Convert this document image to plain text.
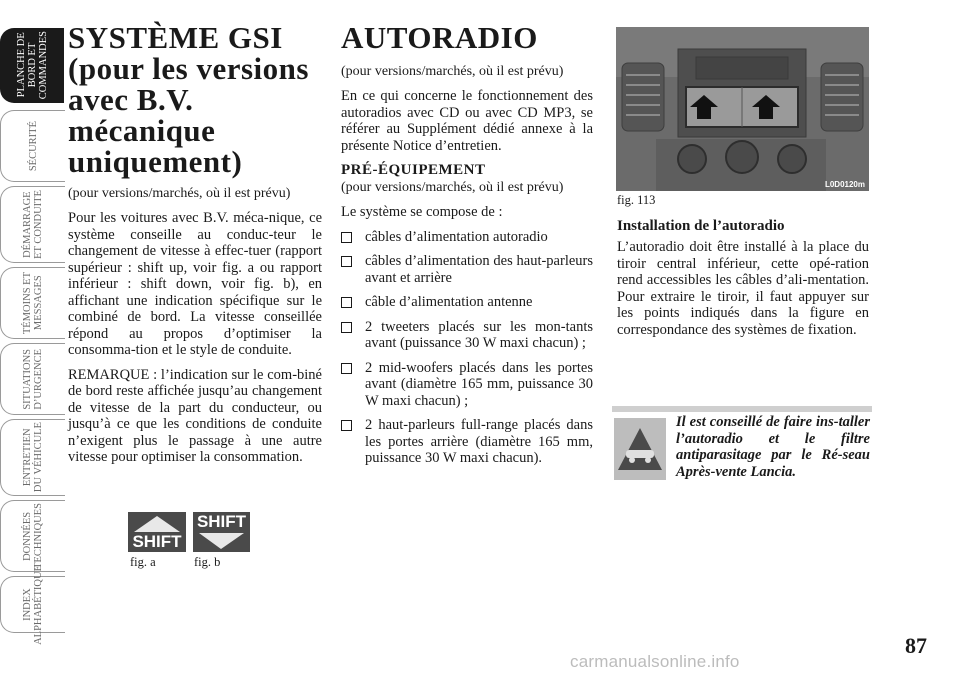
SYSTÈME GSI
(pour les versions
avec B.V.
mécanique
uniquement)
(pour versions/marchés, où il est prévu)

Pour les voitures avec B.V. méca-nique, ce système conseille au conduc-teur le changement de vitesse à effec-tuer (rapport supérieur : shift up, voir fig. a ou rapport inférieur : shift down, voir fig. b), en affichant une indication spécifique sur le combiné de bord. La vitesse conseillée répond au propos d’optimiser la consomma-tion et le style de conduite.

REMARQUE : l’indication sur le com-biné de bord reste affichée jusqu’au changement de vitesse de la part du conducteur, ou jusqu’à ce que les conditions de conduite n’exigent plus le passage à une autre vitesse pour optimiser la consommation.

SHIFT
SHIFT
fig. a	fig. b
AUTORADIO
(pour versions/marchés, où il est prévu)

En ce qui concerne le fonctionnement des autoradios avec CD ou avec CD MP3, se référer au Supplément dédié annexe à la présente Notice d’entretien.

PRÉ-ÉQUIPEMENT
(pour versions/marchés, où il est prévu)

Le système se compose de :

câbles d’alimentation autoradio
câbles d’alimentation des haut-parleurs avant et arrière
câble d’alimentation antenne
2 tweeters placés sur les mon-tants avant (puissance 30 W maxi chacun) ;
2 mid-woofers placés dans les portes avant (diamètre 165 mm, puissance 30 W maxi chacun) ;
2 haut-parleurs full-range placés dans les portes arrière (diamètre 165 mm, puissance 30 W maxi chacun).
L0D0120m
fig. 113
Installation de l’autoradio

L’autoradio doit être installé à la place du tiroir central inférieur, cette opé-ration rend accessibles les câbles d’ali-mentation. Pour extraire le tiroir, il faut appuyer sur les points indiqués dans la figure en correspondance des systèmes de fixation.

Il est conseillé de faire ins-taller l’autoradio et le filtre antiparasitage par le Ré-seau Après-vente Lancia.
PLANCHE DE
BORD ET
COMMANDES
SÉCURITÉ
DÉMARRAGE
ET CONDUITE
TÉMOINS ET
MESSAGES
SITUATIONS
D’URGENCE
ENTRETIEN
DU VÉHICULE
DONNÉES
TECHNIQUES
INDEX
ALPHABÉTIQUE
87
carmanualsonline.info
